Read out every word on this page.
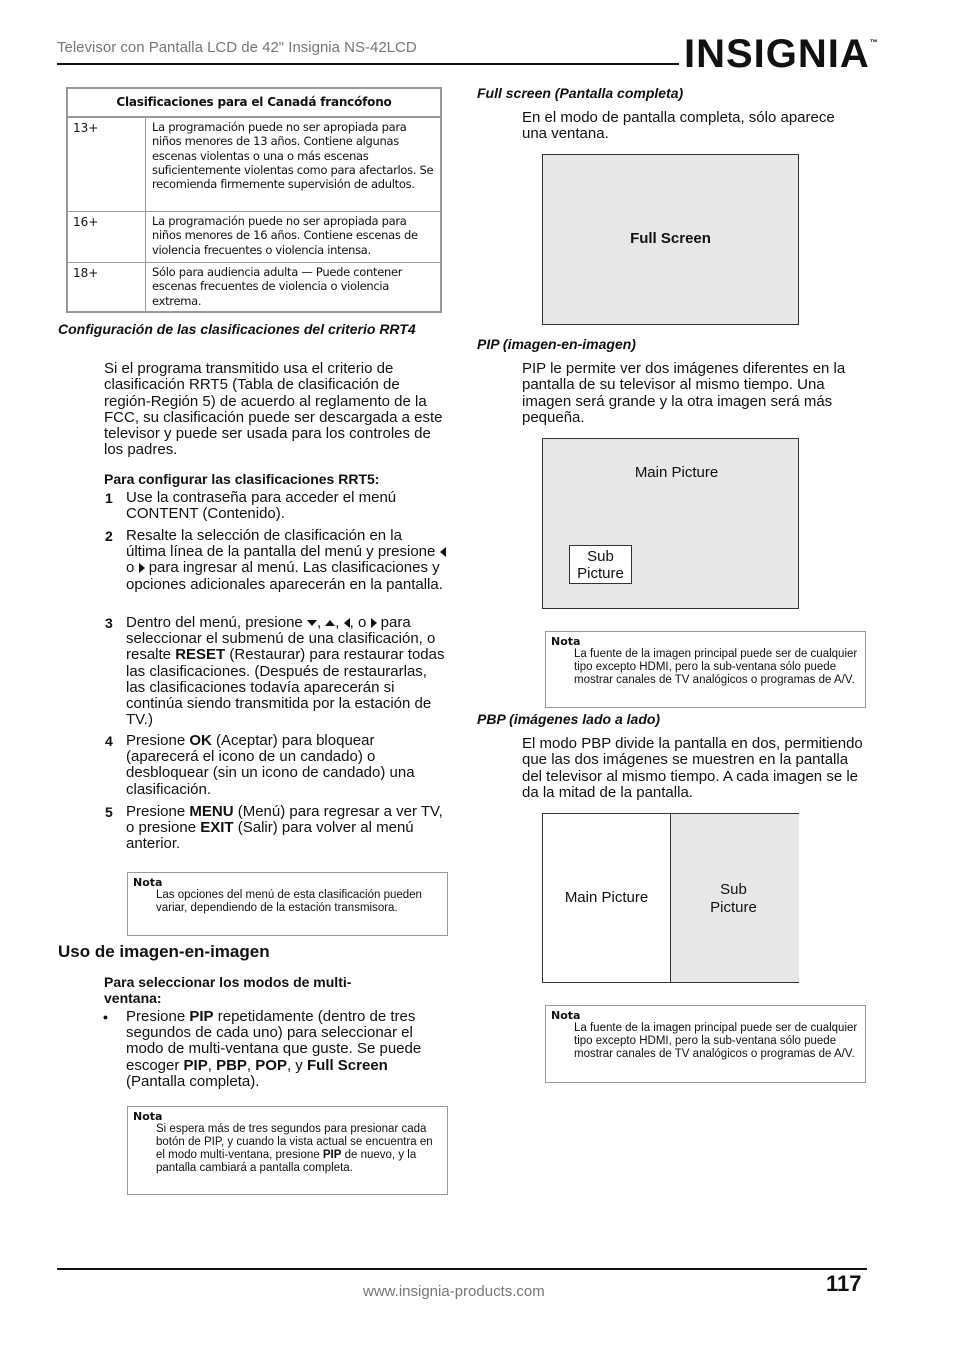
Televisor con Pantalla LCD de 42" Insignia NS-42LCD	INSIGNIA™
Clasificaciones para el Canadá francófono
13+	La programación puede no ser apropiada para niños menores de 13 años. Contiene algunas escenas violentas o una o más escenas suficientemente violentas como para afectarlos. Se recomienda firmemente supervisión de adultos.
16+	La programación puede no ser apropiada para niños menores de 16 años. Contiene escenas de violencia frecuentes o violencia intensa.
18+	Sólo para audiencia adulta — Puede contener escenas frecuentes de violencia o violencia extrema.
Configuración de las clasificaciones del criterio RRT4
Si el programa transmitido usa el criterio de clasificación RRT5 (Tabla de clasificación de región-Región 5) de acuerdo al reglamento de la FCC, su clasificación puede ser descargada a este televisor y puede ser usada para los controles de los padres.
Para configurar las clasificaciones RRT5:
1 Use la contraseña para acceder el menú CONTENT (Contenido).
2 Resalte la selección de clasificación en la última línea de la pantalla del menú y presione  o para ingresar al menú. Las clasificaciones y opciones adicionales aparecerán en la pantalla.
3 Dentro del menú, presione , , , o para seleccionar el submenú de una clasificación, o resalte RESET (Restaurar) para restaurar todas las clasificaciones. (Después de restaurarlas, las clasificaciones todavía aparecerán si continúa siendo transmitida por la estación de TV.)
4 Presione OK (Aceptar) para bloquear (aparecerá el icono de un candado) o desbloquear (sin un icono de candado) una clasificación.
5 Presione MENU (Menú) para regresar a ver TV, o presione EXIT (Salir) para volver al menú anterior.
Nota
Las opciones del menú de esta clasificación pueden variar, dependiendo de la estación transmisora.
Uso de imagen-en-imagen
Para seleccionar los modos de multi-ventana:
• Presione PIP repetidamente (dentro de tres segundos de cada uno) para seleccionar el modo de multi-ventana que guste. Se puede escoger PIP, PBP, POP, y Full Screen (Pantalla completa).
Nota
Si espera más de tres segundos para presionar cada botón de PIP, y cuando la vista actual se encuentra en el modo multi-ventana, presione PIP de nuevo, y la pantalla cambiará a pantalla completa.
Full screen (Pantalla completa)
En el modo de pantalla completa, sólo aparece una ventana.
Full Screen
PIP (imagen-en-imagen)
PIP le permite ver dos imágenes diferentes en la pantalla de su televisor al mismo tiempo. Una imagen será grande y la otra imagen será más pequeña.
Main Picture
Sub
Picture
Nota
La fuente de la imagen principal puede ser de cualquier tipo excepto HDMI, pero la sub-ventana sólo puede mostrar canales de TV analógicos o programas de A/V.
PBP (imágenes lado a lado)
El modo PBP divide la pantalla en dos, permitiendo que las dos imágenes se muestren en la pantalla del televisor al mismo tiempo. A cada imagen se le da la mitad de la pantalla.
Main Picture	Sub
Picture
Nota
La fuente de la imagen principal puede ser de cualquier tipo excepto HDMI, pero la sub-ventana sólo puede mostrar canales de TV analógicos o programas de A/V.
www.insignia-products.com	117
